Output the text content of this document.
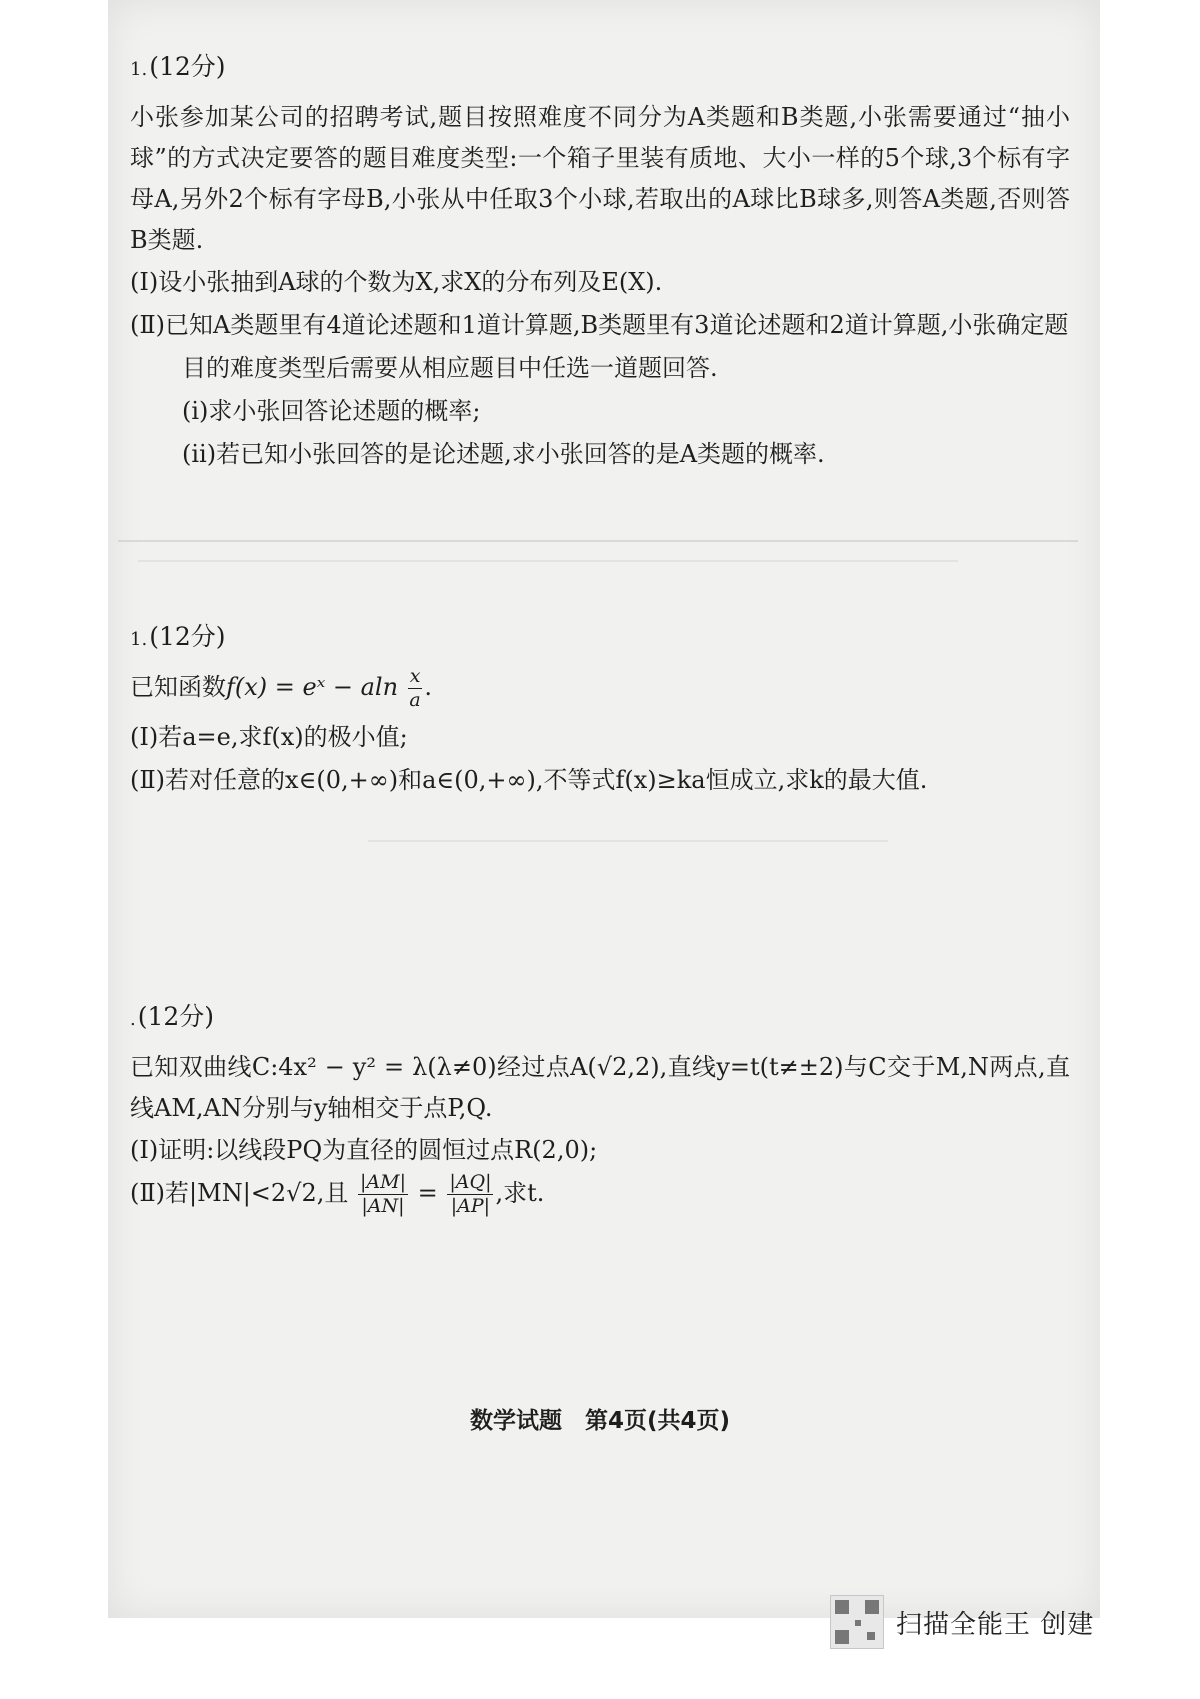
1.(12分)

小张参加某公司的招聘考试,题目按照难度不同分为A类题和B类题,小张需要通过“抽小球”的方式决定要答的题目难度类型:一个箱子里装有质地、大小一样的5个球,3个标有字母A,另外2个标有字母B,小张从中任取3个小球,若取出的A球比B球多,则答A类题,否则答B类题.

(Ⅰ)设小张抽到A球的个数为X,求X的分布列及E(X).

(Ⅱ)已知A类题里有4道论述题和1道计算题,B类题里有3道论述题和2道计算题,小张确定题目的难度类型后需要从相应题目中任选一道题回答.

(ⅰ)求小张回答论述题的概率;

(ⅱ)若已知小张回答的是论述题,求小张回答的是A类题的概率.

1.(12分)

已知函数f(x) = eˣ − aln $\frac{x}{a}$ .

(Ⅰ)若a=e,求f(x)的极小值;

(Ⅱ)若对任意的x∈(0,+∞)和a∈(0,+∞),不等式f(x)≥ka恒成立,求k的最大值.

.(12分)

已知双曲线C:4x² − y² = λ(λ≠0)经过点A(√2,2),直线y=t(t≠±2)与C交于M,N两点,直线AM,AN分别与y轴相交于点P,Q.

(Ⅰ)证明:以线段PQ为直径的圆恒过点R(2,0);

(Ⅱ)若|MN|<2√2,且 $\frac{|AM|}{|AN|} = \frac{|AQ|}{|AP|}$ ,求t.

数学试题　第4页(共4页)
扫描全能王 创建
